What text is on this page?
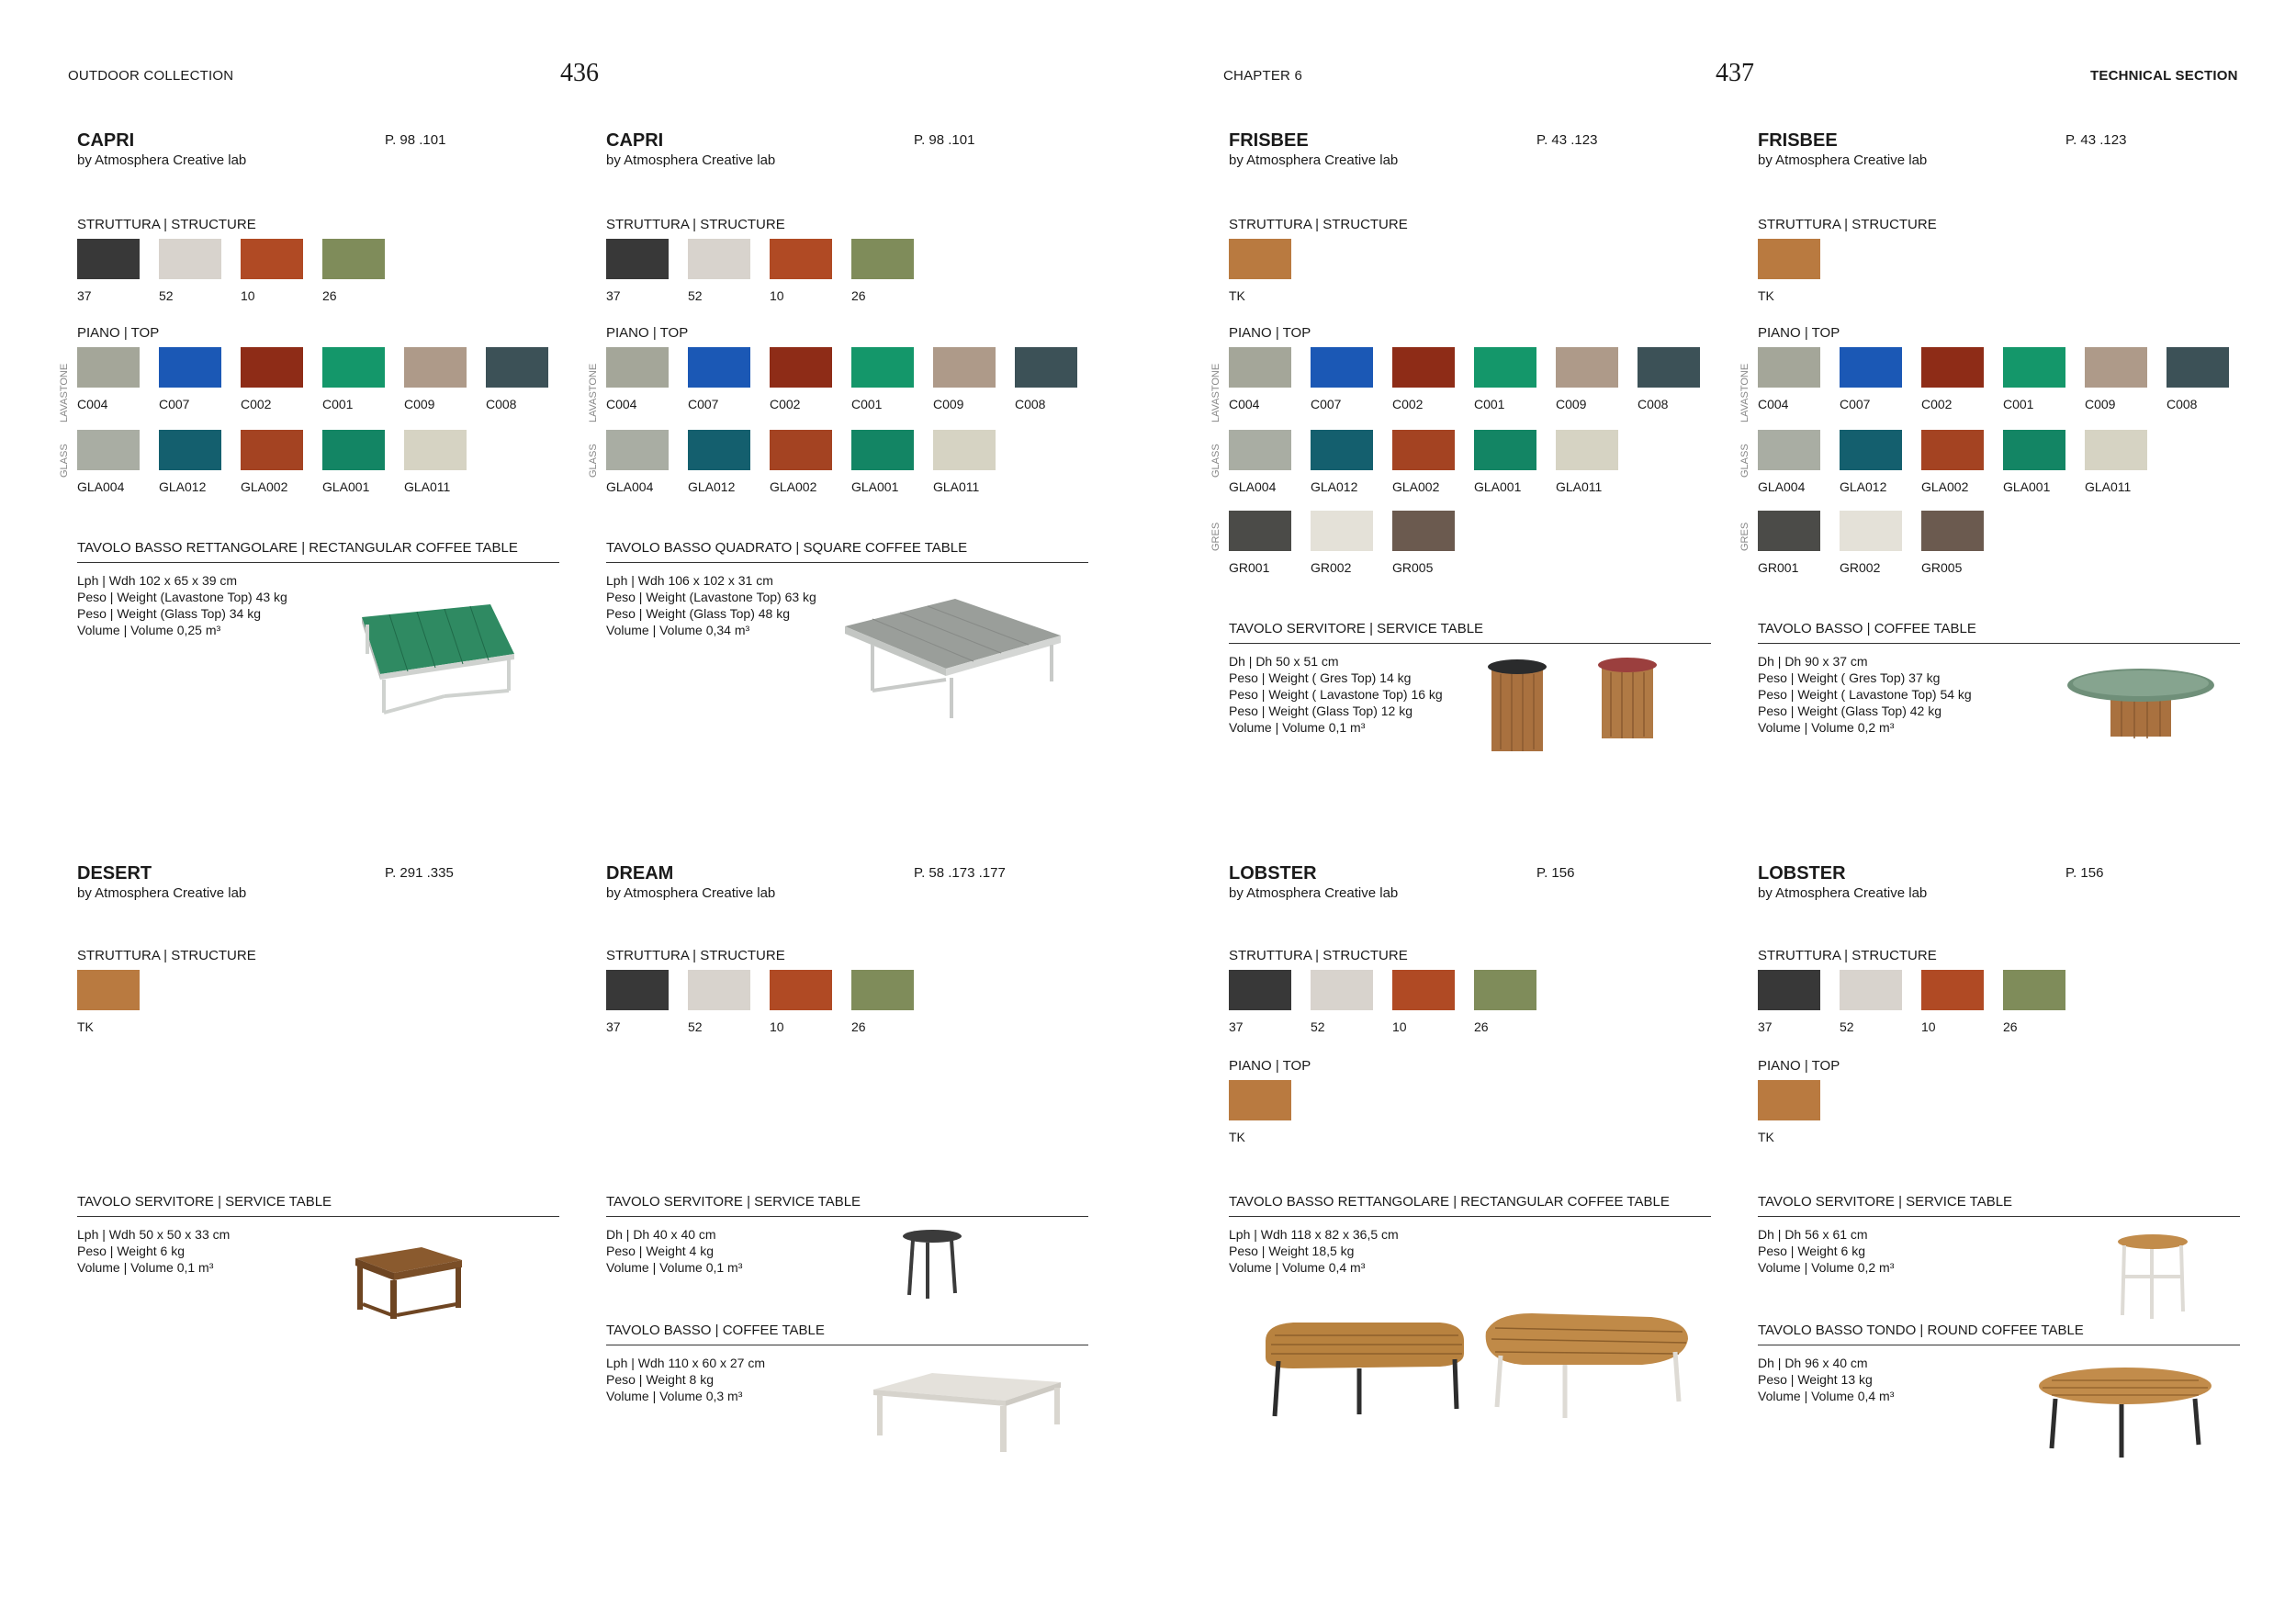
OUTDOOR COLLECTION	436	CHAPTER 6	437	TECHNICAL SECTION
CAPRI
by Atmosphera Creative lab
P. 98 .101
STRUTTURA | STRUCTURE
37	52	10	26
PIANO | TOP
LAVASTONE C004	C007	C002	C001	C009	C008
GLASS
GLA004	GLA012	GLA002	GLA001	GLA011
TAVOLO BASSO RETTANGOLARE | RECTANGULAR COFFEE TABLE
Lph | Wdh 102 x 65 x 39 cm
Peso | Weight (Lavastone Top) 43 kg
Peso | Weight (Glass Top) 34 kg
Volume | Volume 0,25 m³
CAPRI
by Atmosphera Creative lab
P. 98 .101
STRUTTURA | STRUCTURE
37	52	10	26
PIANO | TOP
LAVASTONE C004	C007	C002	C001	C009	C008
GLASS
GLA004	GLA012	GLA002	GLA001	GLA011
TAVOLO BASSO QUADRATO | SQUARE COFFEE TABLE
Lph | Wdh 106 x 102 x 31 cm
Peso | Weight (Lavastone Top) 63 kg
Peso | Weight (Glass Top) 48 kg
Volume | Volume 0,34 m³
FRISBEE
by Atmosphera Creative lab
P. 43 .123
STRUTTURA | STRUCTURE
TK
PIANO | TOP
LAVASTONE C004	C007	C002	C001	C009	C008
GLASS
GLA004	GLA012	GLA002	GLA001	GLA011
GRES
GR001	GR002	GR005
TAVOLO SERVITORE | SERVICE TABLE
Dh | Dh 50 x 51 cm
Peso | Weight ( Gres Top) 14 kg
Peso | Weight ( Lavastone Top) 16 kg
Peso | Weight (Glass Top) 12 kg
Volume | Volume 0,1 m³
FRISBEE
by Atmosphera Creative lab
P. 43 .123
STRUTTURA | STRUCTURE
TK
PIANO | TOP
LAVASTONE C004	C007	C002	C001	C009	C008
GLASS
GLA004	GLA012	GLA002	GLA001	GLA011
GRES
GR001	GR002	GR005
TAVOLO BASSO | COFFEE TABLE
Dh | Dh 90 x 37 cm
Peso | Weight ( Gres Top) 37 kg
Peso | Weight ( Lavastone Top) 54 kg
Peso | Weight (Glass Top) 42 kg
Volume | Volume 0,2 m³
DESERT
by Atmosphera Creative lab
P. 291 .335
STRUTTURA | STRUCTURE
TK
TAVOLO SERVITORE | SERVICE TABLE
Lph | Wdh 50 x 50 x 33 cm
Peso | Weight 6 kg
Volume | Volume 0,1 m³
DREAM
by Atmosphera Creative lab
P. 58 .173 .177
STRUTTURA | STRUCTURE
37	52	10	26
TAVOLO SERVITORE | SERVICE TABLE
Dh | Dh 40 x 40 cm
Peso | Weight 4 kg
Volume | Volume 0,1 m³
TAVOLO BASSO | COFFEE TABLE
Lph | Wdh 110 x 60 x 27 cm
Peso | Weight 8 kg
Volume | Volume 0,3 m³
LOBSTER
by Atmosphera Creative lab
P. 156
STRUTTURA | STRUCTURE
37	52	10	26
PIANO | TOP
TK
TAVOLO BASSO RETTANGOLARE | RECTANGULAR COFFEE TABLE
Lph | Wdh 118 x 82 x 36,5 cm
Peso | Weight 18,5 kg
Volume | Volume 0,4 m³
LOBSTER
by Atmosphera Creative lab
P. 156
STRUTTURA | STRUCTURE
37	52	10	26
PIANO | TOP
TK
TAVOLO SERVITORE | SERVICE TABLE
Dh | Dh 56 x 61 cm
Peso | Weight 6 kg
Volume | Volume 0,2 m³
TAVOLO BASSO TONDO | ROUND COFFEE TABLE
Dh | Dh 96 x 40 cm
Peso | Weight 13 kg
Volume | Volume 0,4 m³
